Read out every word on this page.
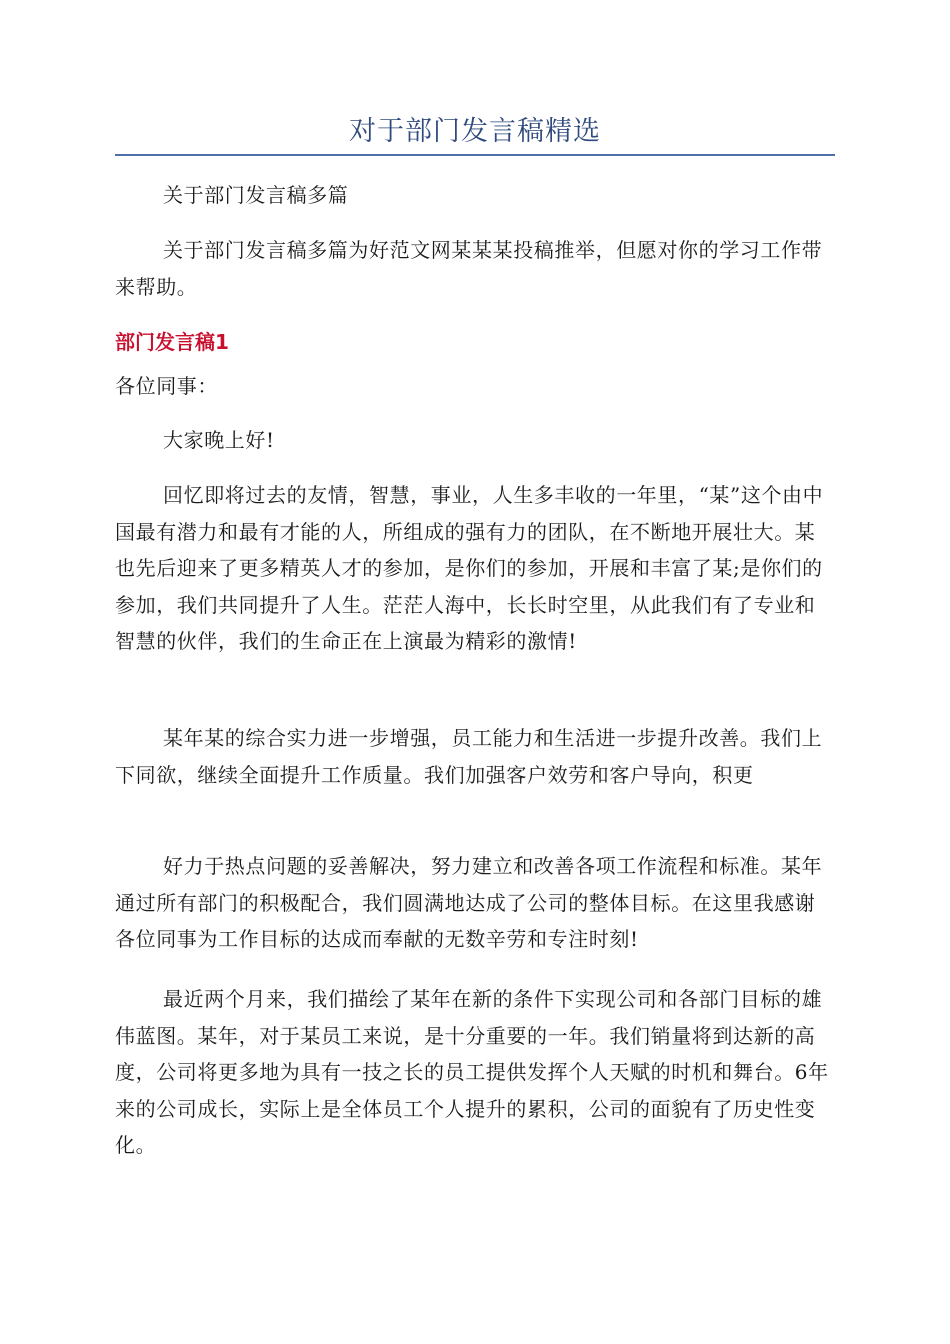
对于部门发言稿精选

关于部门发言稿多篇

关于部门发言稿多篇为好范文网某某某投稿推举，但愿对你的学习工作带来帮助。

部门发言稿1

各位同事：

大家晚上好!

回忆即将过去的友情，智慧，事业，人生多丰收的一年里，“某”这个由中国最有潜力和最有才能的人，所组成的强有力的团队，在不断地开展壮大。某也先后迎来了更多精英人才的参加，是你们的参加，开展和丰富了某;是你们的参加，我们共同提升了人生。茫茫人海中，长长时空里，从此我们有了专业和智慧的伙伴，我们的生命正在上演最为精彩的激情!

某年某的综合实力进一步增强，员工能力和生活进一步提升改善。我们上下同欲，继续全面提升工作质量。我们加强客户效劳和客户导向，积更

好力于热点问题的妥善解决，努力建立和改善各项工作流程和标准。某年通过所有部门的积极配合，我们圆满地达成了公司的整体目标。在这里我感谢各位同事为工作目标的达成而奉献的无数辛劳和专注时刻!

最近两个月来，我们描绘了某年在新的条件下实现公司和各部门目标的雄伟蓝图。某年，对于某员工来说，是十分重要的一年。我们销量将到达新的高度，公司将更多地为具有一技之长的员工提供发挥个人天赋的时机和舞台。6年来的公司成长，实际上是全体员工个人提升的累积，公司的面貌有了历史性变化。
